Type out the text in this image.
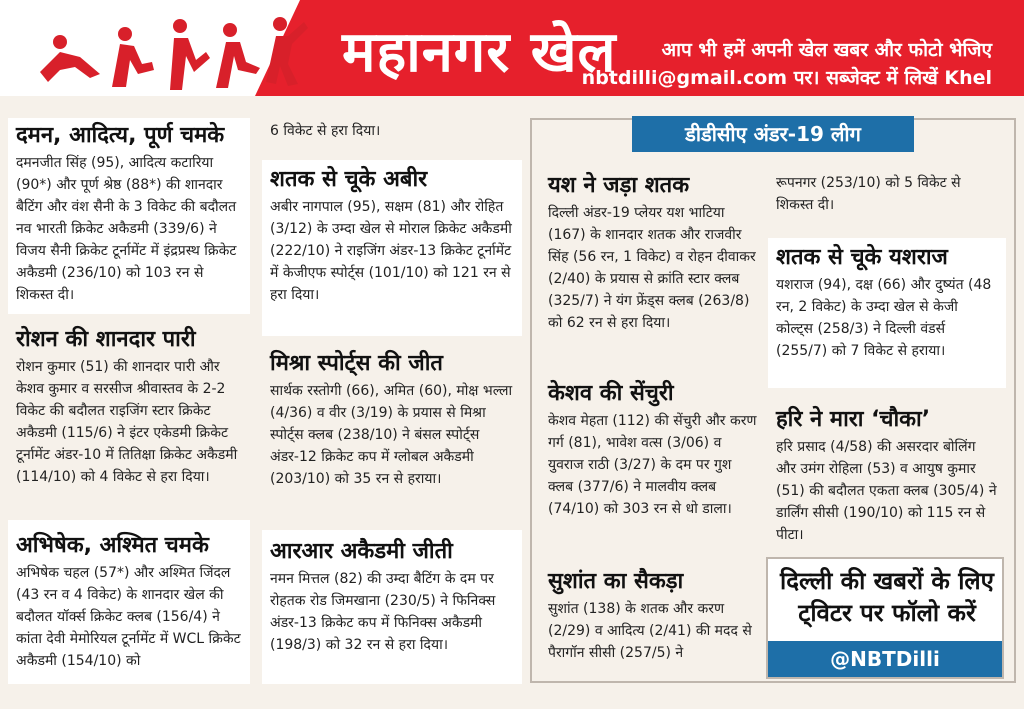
महानगर खेल आप भी हमें अपनी खेल खबर और फोटो भेजिए
nbtdilli@gmail.com पर। सब्जेक्ट में लिखें Khel
दमन, आदित्य, पूर्ण चमके

दमनजीत सिंह (95), आदित्य कटारिया (90*) और पूर्ण श्रेष्ठ (88*) की शानदार बैटिंग और वंश सैनी के 3 विकेट की बदौलत नव भारती क्रिकेट अकैडमी (339/6) ने विजय सैनी क्रिकेट टूर्नामेंट में इंद्रप्रस्थ क्रिकेट अकैडमी (236/10) को 103 रन से शिकस्त दी।

रोशन की शानदार पारी

रोशन कुमार (51) की शानदार पारी और केशव कुमार व सरसीज श्रीवास्तव के 2-2 विकेट की बदौलत राइजिंग स्टार क्रिकेट अकैडमी (115/6) ने इंटर एकेडमी क्रिकेट टूर्नामेंट अंडर-10 में तितिक्षा क्रिकेट अकैडमी (114/10) को 4 विकेट से हरा दिया।

अभिषेक, अश्मित चमके

अभिषेक चहल (57*) और अश्मित जिंदल (43 रन व 4 विकेट) के शानदार खेल की बदौलत यॉर्क्स क्रिकेट क्लब (156/4) ने कांता देवी मेमोरियल टूर्नामेंट में WCL क्रिकेट अकैडमी (154/10) को

6 विकेट से हरा दिया।

शतक से चूके अबीर

अबीर नागपाल (95), सक्षम (81) और रोहित (3/12) के उम्दा खेल से मोराल क्रिकेट अकैडमी (222/10) ने राइजिंग अंडर-13 क्रिकेट टूर्नामेंट में केजीएफ स्पोर्ट्स (101/10) को 121 रन से हरा दिया।

मिश्रा स्पोर्ट्स की जीत

सार्थक रस्तोगी (66), अमित (60), मोक्ष भल्ला (4/36) व वीर (3/19) के प्रयास से मिश्रा स्पोर्ट्स क्लब (238/10) ने बंसल स्पोर्ट्स अंडर-12 क्रिकेट कप में ग्लोबल अकैडमी (203/10) को 35 रन से हराया।

आरआर अकैडमी जीती

नमन मित्तल (82) की उम्दा बैटिंग के दम पर रोहतक रोड जिमखाना (230/5) ने फिनिक्स अंडर-13 क्रिकेट कप में फिनिक्स अकैडमी (198/3) को 32 रन से हरा दिया।

डीडीसीए अंडर-19 लीग
यश ने जड़ा शतक

दिल्ली अंडर-19 प्लेयर यश भाटिया (167) के शानदार शतक और राजवीर सिंह (56 रन, 1 विकेट) व रोहन दीवाकर (2/40) के प्रयास से क्रांति स्टार क्लब (325/7) ने यंग फ्रेंड्स क्लब (263/8) को 62 रन से हरा दिया।

केशव की सेंचुरी

केशव मेहता (112) की सेंचुरी और करण गर्ग (81), भावेश वत्स (3/06) व युवराज राठी (3/27) के दम पर गुश क्लब (377/6) ने मालवीय क्लब (74/10) को 303 रन से धो डाला।

सुशांत का सैकड़ा

सुशांत (138) के शतक और करण (2/29) व आदित्य (2/41) की मदद से पैरागॉन सीसी (257/5) ने

रूपनगर (253/10) को 5 विकेट से शिकस्त दी।

शतक से चूके यशराज

यशराज (94), दक्ष (66) और दुष्यंत (48 रन, 2 विकेट) के उम्दा खेल से केजी कोल्ट्स (258/3) ने दिल्ली वंडर्स (255/7) को 7 विकेट से हराया।

हरि ने मारा ‘चौका’

हरि प्रसाद (4/58) की असरदार बोलिंग और उमंग रोहिला (53) व आयुष कुमार (51) की बदौलत एकता क्लब (305/4) ने डार्लिंग सीसी (190/10) को 115 रन से पीटा।

दिल्ली की खबरों के लिए ट्विटर पर फॉलो करें
@NBTDilli
